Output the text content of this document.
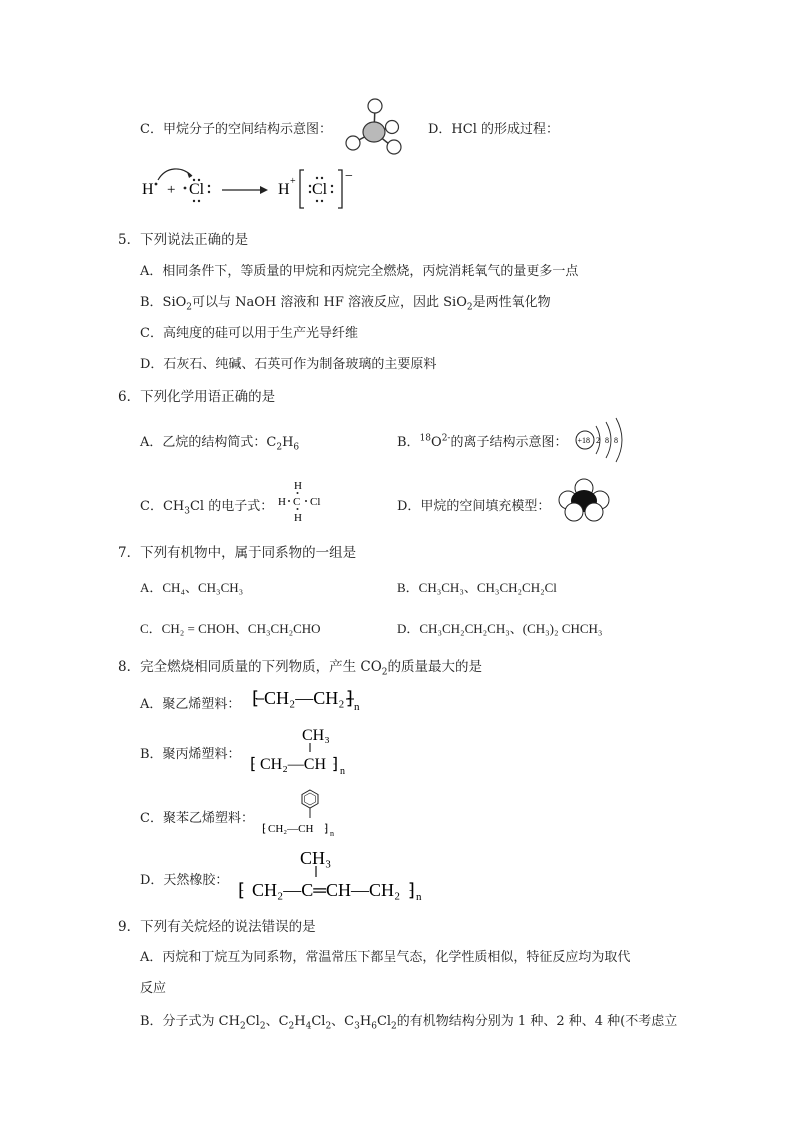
C．甲烷分子的空间结构示意图：	D．HCl 的形成过程：
H + Cl	H + Cl
−
5．下列说法正确的是
A．相同条件下，等质量的甲烷和丙烷完全燃烧，丙烷消耗氧气的量更多一点
B．SiO$_2$可以与 NaOH 溶液和 HF 溶液反应，因此 SiO$_2$是两性氧化物
C．高纯度的硅可以用于生产光导纤维
D．石灰石、纯碱、石英可作为制备玻璃的主要原料
6．下列化学用语正确的是
A．乙烷的结构简式：$C_2H_6$	B．$^{18}O^{2-}$的离子结构示意图： +18 2 8 8
C．$CH_3Cl$ 的电子式：
H
H C Cl
H
D．甲烷的空间填充模型：
7．下列有机物中，属于同系物的一组是
A．CH₄、CH₃CH₃	B．CH₃CH₃、CH₃CH₂CH₂Cl
C．CH₂ = CHOH、CH₃CH₂CHO	D．CH₃CH₂CH₂CH₃、(CH₃)₂ CHCH₃
8．完全燃烧相同质量的下列物质，产生 $CO_2$的质量最大的是
A．聚乙烯塑料： ⁅ CH₂—CH₂ ⁆ n
B．聚丙烯塑料：
CH₃
⁅ CH₂—CH ⁆ n
C．聚苯乙烯塑料：
⁅ CH₂—CH ⁆ n
D．天然橡胶：
CH₃
⁅ CH₂—C═CH—CH₂ ⁆ n
9．下列有关烷烃的说法错误的是
A．丙烷和丁烷互为同系物，常温常压下都呈气态，化学性质相似，特征反应均为取代
反应
B．分子式为 $CH_2Cl_2$、$C_2H_4Cl_2$、$C_3H_6Cl_2$的有机物结构分别为 1 种、2 种、4 种(不考虑立
